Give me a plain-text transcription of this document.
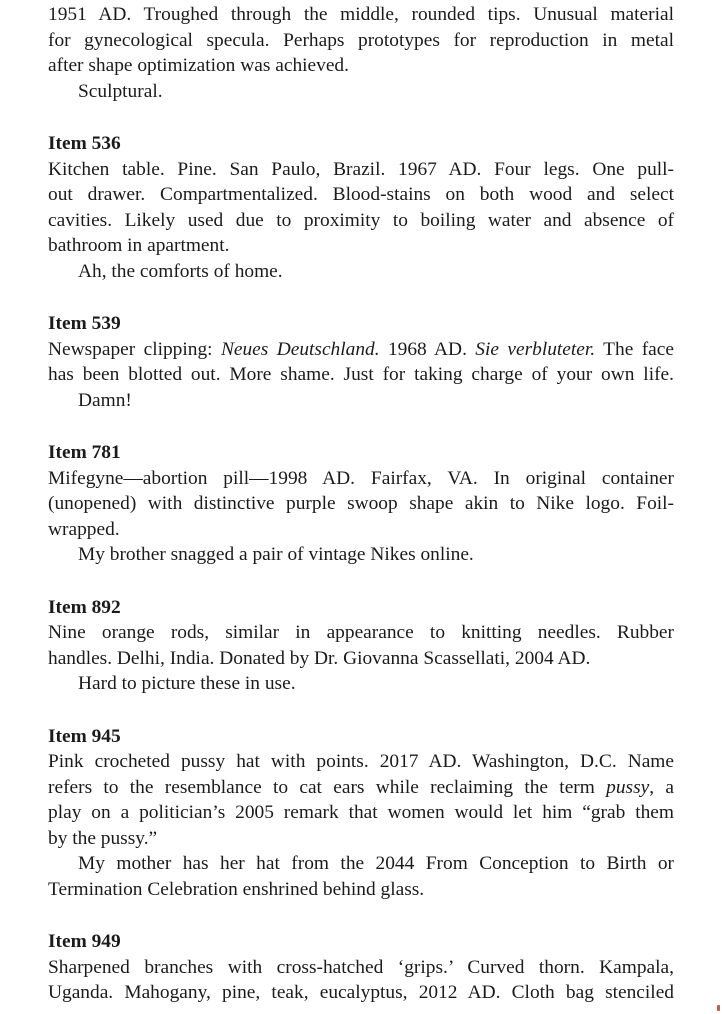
1951 AD. Troughed through the middle, rounded tips. Unusual material
for gynecological specula. Perhaps prototypes for reproduction in metal
after shape optimization was achieved.
Sculptural.
Item 536
Kitchen table. Pine. San Paulo, Brazil. 1967 AD. Four legs. One pull-
out drawer. Compartmentalized. Blood-stains on both wood and select
cavities. Likely used due to proximity to boiling water and absence of
bathroom in apartment.
Ah, the comforts of home.
Item 539
Newspaper clipping: Neues Deutschland. 1968 AD. Sie verbluteter. The face
has been blotted out. More shame. Just for taking charge of your own life.
Damn!
Item 781
Mifegyne—abortion pill—1998 AD. Fairfax, VA. In original container
(unopened) with distinctive purple swoop shape akin to Nike logo. Foil-
wrapped.
My brother snagged a pair of vintage Nikes online.
Item 892
Nine orange rods, similar in appearance to knitting needles. Rubber
handles. Delhi, India. Donated by Dr. Giovanna Scassellati, 2004 AD.
Hard to picture these in use.
Item 945
Pink crocheted pussy hat with points. 2017 AD. Washington, D.C. Name
refers to the resemblance to cat ears while reclaiming the term pussy, a
play on a politician’s 2005 remark that women would let him “grab them
by the pussy.”
My mother has her hat from the 2044 From Conception to Birth or
Termination Celebration enshrined behind glass.
Item 949
Sharpened branches with cross-hatched ‘grips.’ Curved thorn. Kampala,
Uganda. Mahogany, pine, teak, eucalyptus, 2012 AD. Cloth bag stenciled
